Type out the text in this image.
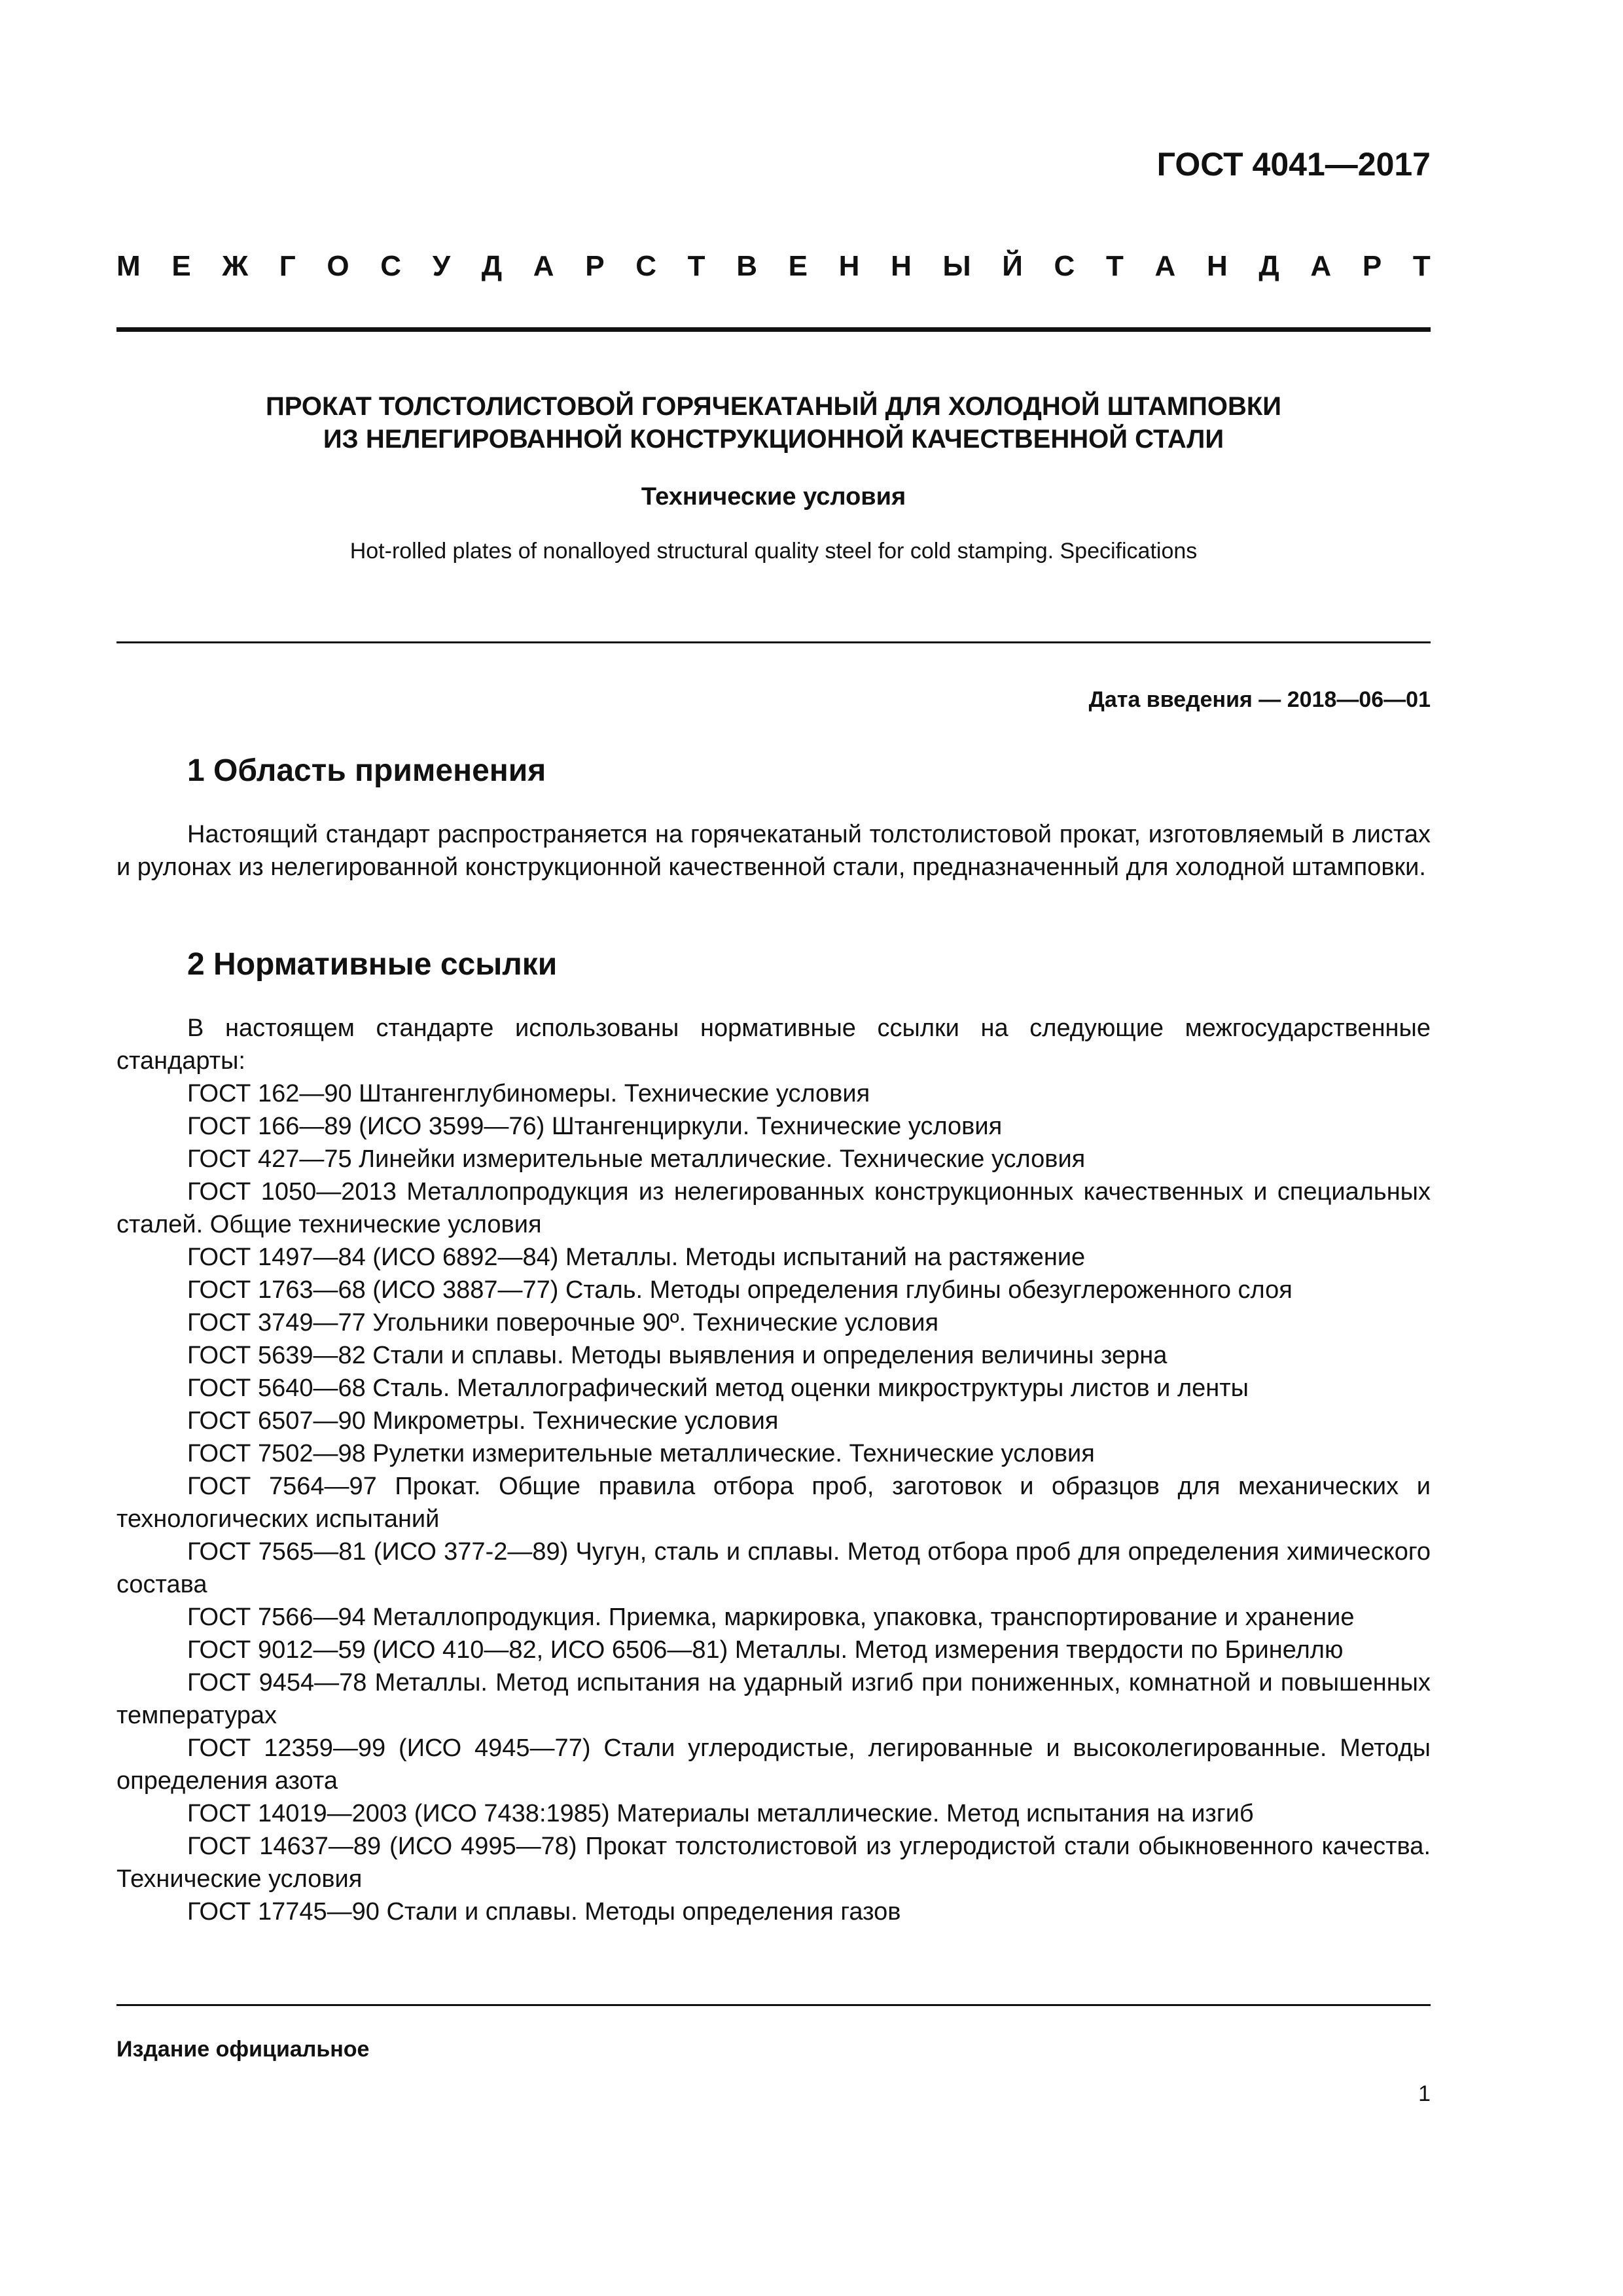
ГОСТ 4041—2017
М Е Ж Г О С У Д А Р С Т В Е Н Н Ы Й С Т А Н Д А Р Т
ПРОКАТ ТОЛСТОЛИСТОВОЙ ГОРЯЧЕКАТАНЫЙ ДЛЯ ХОЛОДНОЙ ШТАМПОВКИ
ИЗ НЕЛЕГИРОВАННОЙ КОНСТРУКЦИОННОЙ КАЧЕСТВЕННОЙ СТАЛИ
Технические условия
Hot-rolled plates of nonalloyed structural quality steel for cold stamping. Specifications
Дата введения — 2018—06—01
1 Область применения
Настоящий стандарт распространяется на горячекатаный толстолистовой прокат, изготовляемый в листах и рулонах из нелегированной конструкционной качественной стали, предназначенный для холодной штамповки.
2 Нормативные ссылки
В настоящем стандарте использованы нормативные ссылки на следующие межгосударственные стандарты:
ГОСТ 162—90 Штангенглубиномеры. Технические условия
ГОСТ 166—89 (ИСО 3599—76) Штангенциркули. Технические условия
ГОСТ 427—75 Линейки измерительные металлические. Технические условия
ГОСТ 1050—2013 Металлопродукция из нелегированных конструкционных качественных и специальных сталей. Общие технические условия
ГОСТ 1497—84 (ИСО 6892—84) Металлы. Методы испытаний на растяжение
ГОСТ 1763—68 (ИСО 3887—77) Сталь. Методы определения глубины обезуглероженного слоя
ГОСТ 3749—77 Угольники поверочные 90º. Технические условия
ГОСТ 5639—82 Стали и сплавы. Методы выявления и определения величины зерна
ГОСТ 5640—68 Сталь. Металлографический метод оценки микроструктуры листов и ленты
ГОСТ 6507—90 Микрометры. Технические условия
ГОСТ 7502—98 Рулетки измерительные металлические. Технические условия
ГОСТ 7564—97 Прокат. Общие правила отбора проб, заготовок и образцов для механических и технологических испытаний
ГОСТ 7565—81 (ИСО 377-2—89) Чугун, сталь и сплавы. Метод отбора проб для определения химического состава
ГОСТ 7566—94 Металлопродукция. Приемка, маркировка, упаковка, транспортирование и хранение
ГОСТ 9012—59 (ИСО 410—82, ИСО 6506—81) Металлы. Метод измерения твердости по Бринеллю
ГОСТ 9454—78 Металлы. Метод испытания на ударный изгиб при пониженных, комнатной и повышенных температурах
ГОСТ 12359—99 (ИСО 4945—77) Стали углеродистые, легированные и высоколегированные. Методы определения азота
ГОСТ 14019—2003 (ИСО 7438:1985) Материалы металлические. Метод испытания на изгиб
ГОСТ 14637—89 (ИСО 4995—78) Прокат толстолистовой из углеродистой стали обыкновенного качества. Технические условия
ГОСТ 17745—90 Стали и сплавы. Методы определения газов
Издание официальное
1
